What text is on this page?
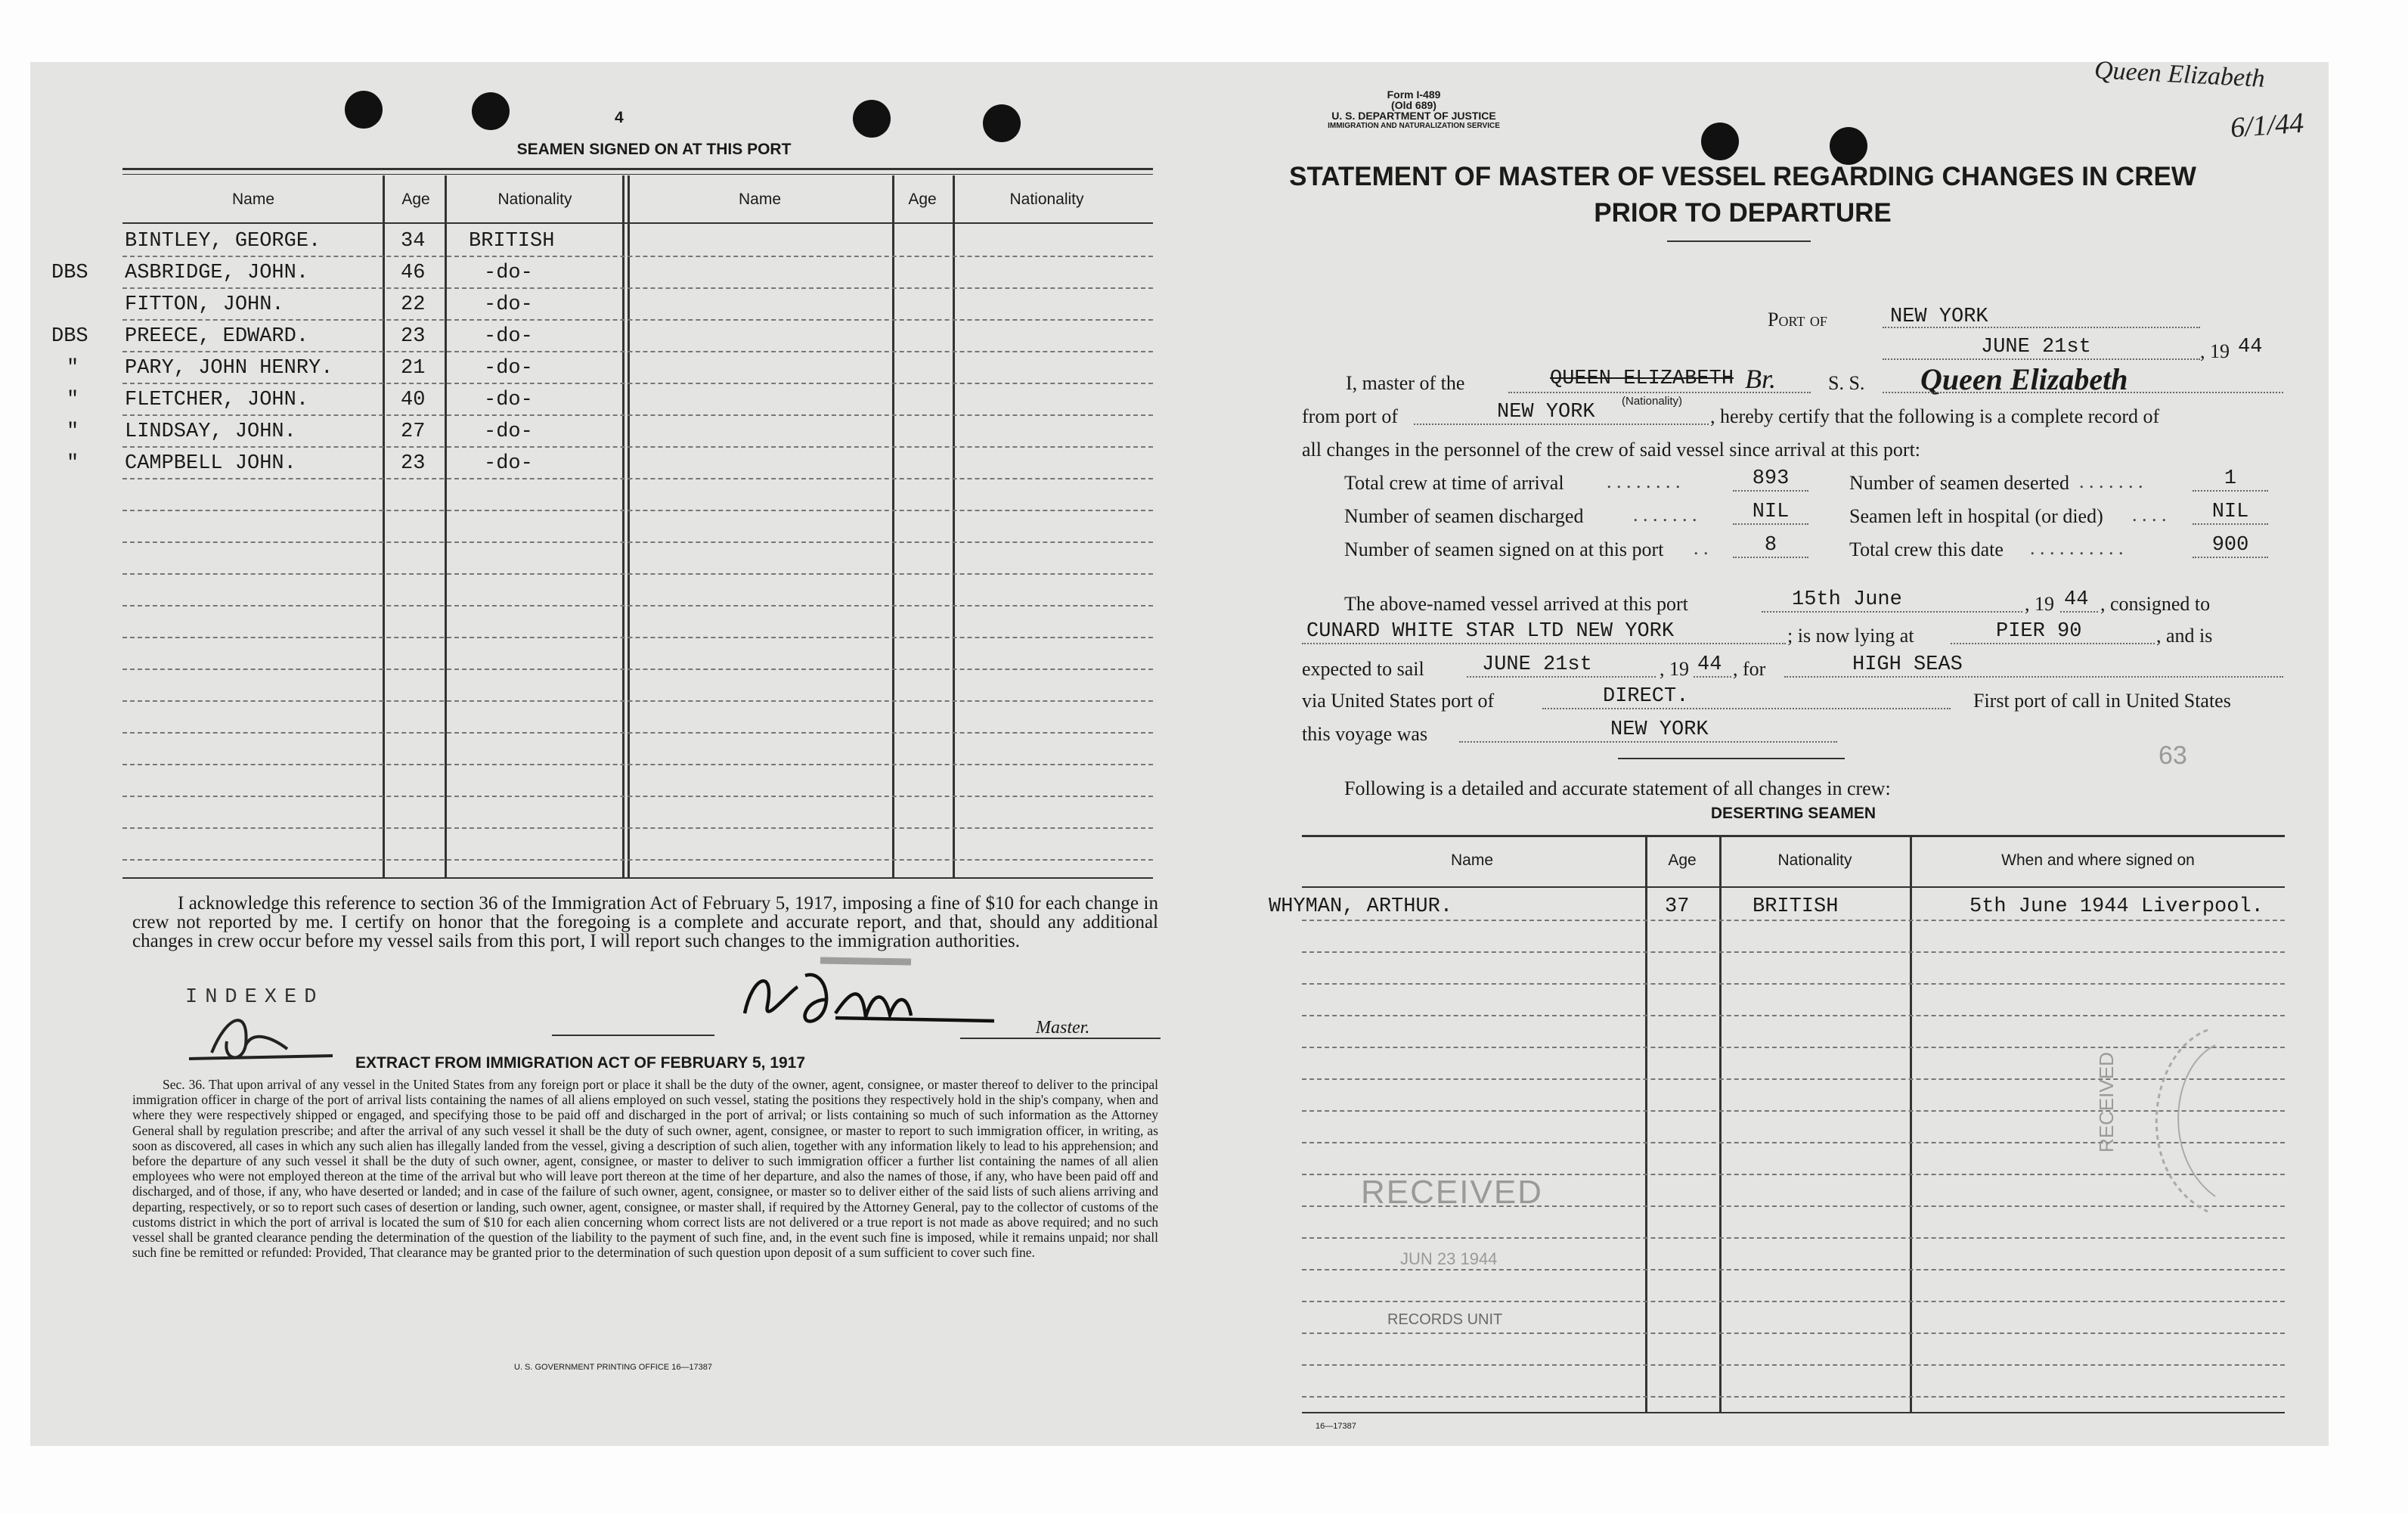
4
SEAMEN SIGNED ON AT THIS PORT
Name	Age	Nationality	Name	Age	Nationality
BINTLEY, GEORGE.	34 BRITISH
DBS ASBRIDGE, JOHN.	46	-do-
FITTON, JOHN.	22	-do-
DBS PREECE, EDWARD.	23	-do-
" PARY, JOHN HENRY.	21	-do-
" FLETCHER, JOHN.	40	-do-
" LINDSAY, JOHN.	27	-do-
" CAMPBELL JOHN.	23	-do-
I acknowledge this reference to section 36 of the Immigration Act of February 5, 1917, imposing a fine of $10 for each change in crew not reported by me. I certify on honor that the foregoing is a complete and accurate report, and that, should any additional changes in crew occur before my vessel sails from this port, I will report such changes to the immigration authorities.
INDEXED
Master.
EXTRACT FROM IMMIGRATION ACT OF FEBRUARY 5, 1917
Sec. 36. That upon arrival of any vessel in the United States from any foreign port or place it shall be the duty of the owner, agent, consignee, or master thereof to deliver to the principal immigration officer in charge of the port of arrival lists containing the names of all aliens employed on such vessel, stating the positions they respectively hold in the ship's company, when and where they were respectively shipped or engaged, and specifying those to be paid off and discharged in the port of arrival; or lists containing so much of such information as the Attorney General shall by regulation prescribe; and after the arrival of any such vessel it shall be the duty of such owner, agent, consignee, or master to report to such immigration officer, in writing, as soon as discovered, all cases in which any such alien has illegally landed from the vessel, giving a description of such alien, together with any information likely to lead to his apprehension; and before the departure of any such vessel it shall be the duty of such owner, agent, consignee, or master to deliver to such immigration officer a further list containing the names of all alien employees who were not employed thereon at the time of the arrival but who will leave port thereon at the time of her departure, and also the names of those, if any, who have been paid off and discharged, and of those, if any, who have deserted or landed; and in case of the failure of such owner, agent, consignee, or master so to deliver either of the said lists of such aliens arriving and departing, respectively, or so to report such cases of desertion or landing, such owner, agent, consignee, or master shall, if required by the Attorney General, pay to the collector of customs of the customs district in which the port of arrival is located the sum of $10 for each alien concerning whom correct lists are not delivered or a true report is not made as above required; and no such vessel shall be granted clearance pending the determination of the question of the liability to the payment of such fine, and, in the event such fine is imposed, while it remains unpaid; nor shall such fine be remitted or refunded: Provided, That clearance may be granted prior to the determination of such question upon deposit of a sum sufficient to cover such fine.
U. S. GOVERNMENT PRINTING OFFICE 16—17387
Queen Elizabeth
6/1/44
Form I-489
(Old 689)
U. S. DEPARTMENT OF JUSTICE
IMMIGRATION AND NATURALIZATION SERVICE
STATEMENT OF MASTER OF VESSEL REGARDING CHANGES IN CREW
PRIOR TO DEPARTURE
Port of	NEW YORK
JUNE 21st	, 19 44
I, master of the	QUEEN ELIZABETH Br.
(Nationality)
S. S. Queen Elizabeth
from port of	NEW YORK	, hereby certify that the following is a complete record of
all changes in the personnel of the crew of said vessel since arrival at this port:
Total crew at time of arrival . . . . . . . .	893	Number of seamen deserted . . . . . . .	1
Number of seamen discharged	. . . . . . .	NIL	Seamen left in hospital (or died) . . . .	NIL
Number of seamen signed on at this port . .	8	Total crew this date . . . . . . . . . .	900
The above-named vessel arrived at this port	15th June	, 19 44 , consigned to
CUNARD WHITE STAR LTD NEW YORK	; is now lying at	PIER 90	, and is
expected to sail	JUNE 21st	, 19 44 , for	HIGH SEAS
via United States port of	DIRECT.	First port of call in United States
this voyage was	NEW YORK
63
Following is a detailed and accurate statement of all changes in crew:
DESERTING SEAMEN
Name	Age	Nationality	When and where signed on
WHYMAN, ARTHUR.	37	BRITISH	5th June 1944 Liverpool.
RECEIVED
JUN 23 1944
RECORDS UNIT
RECEIVED
16—17387
